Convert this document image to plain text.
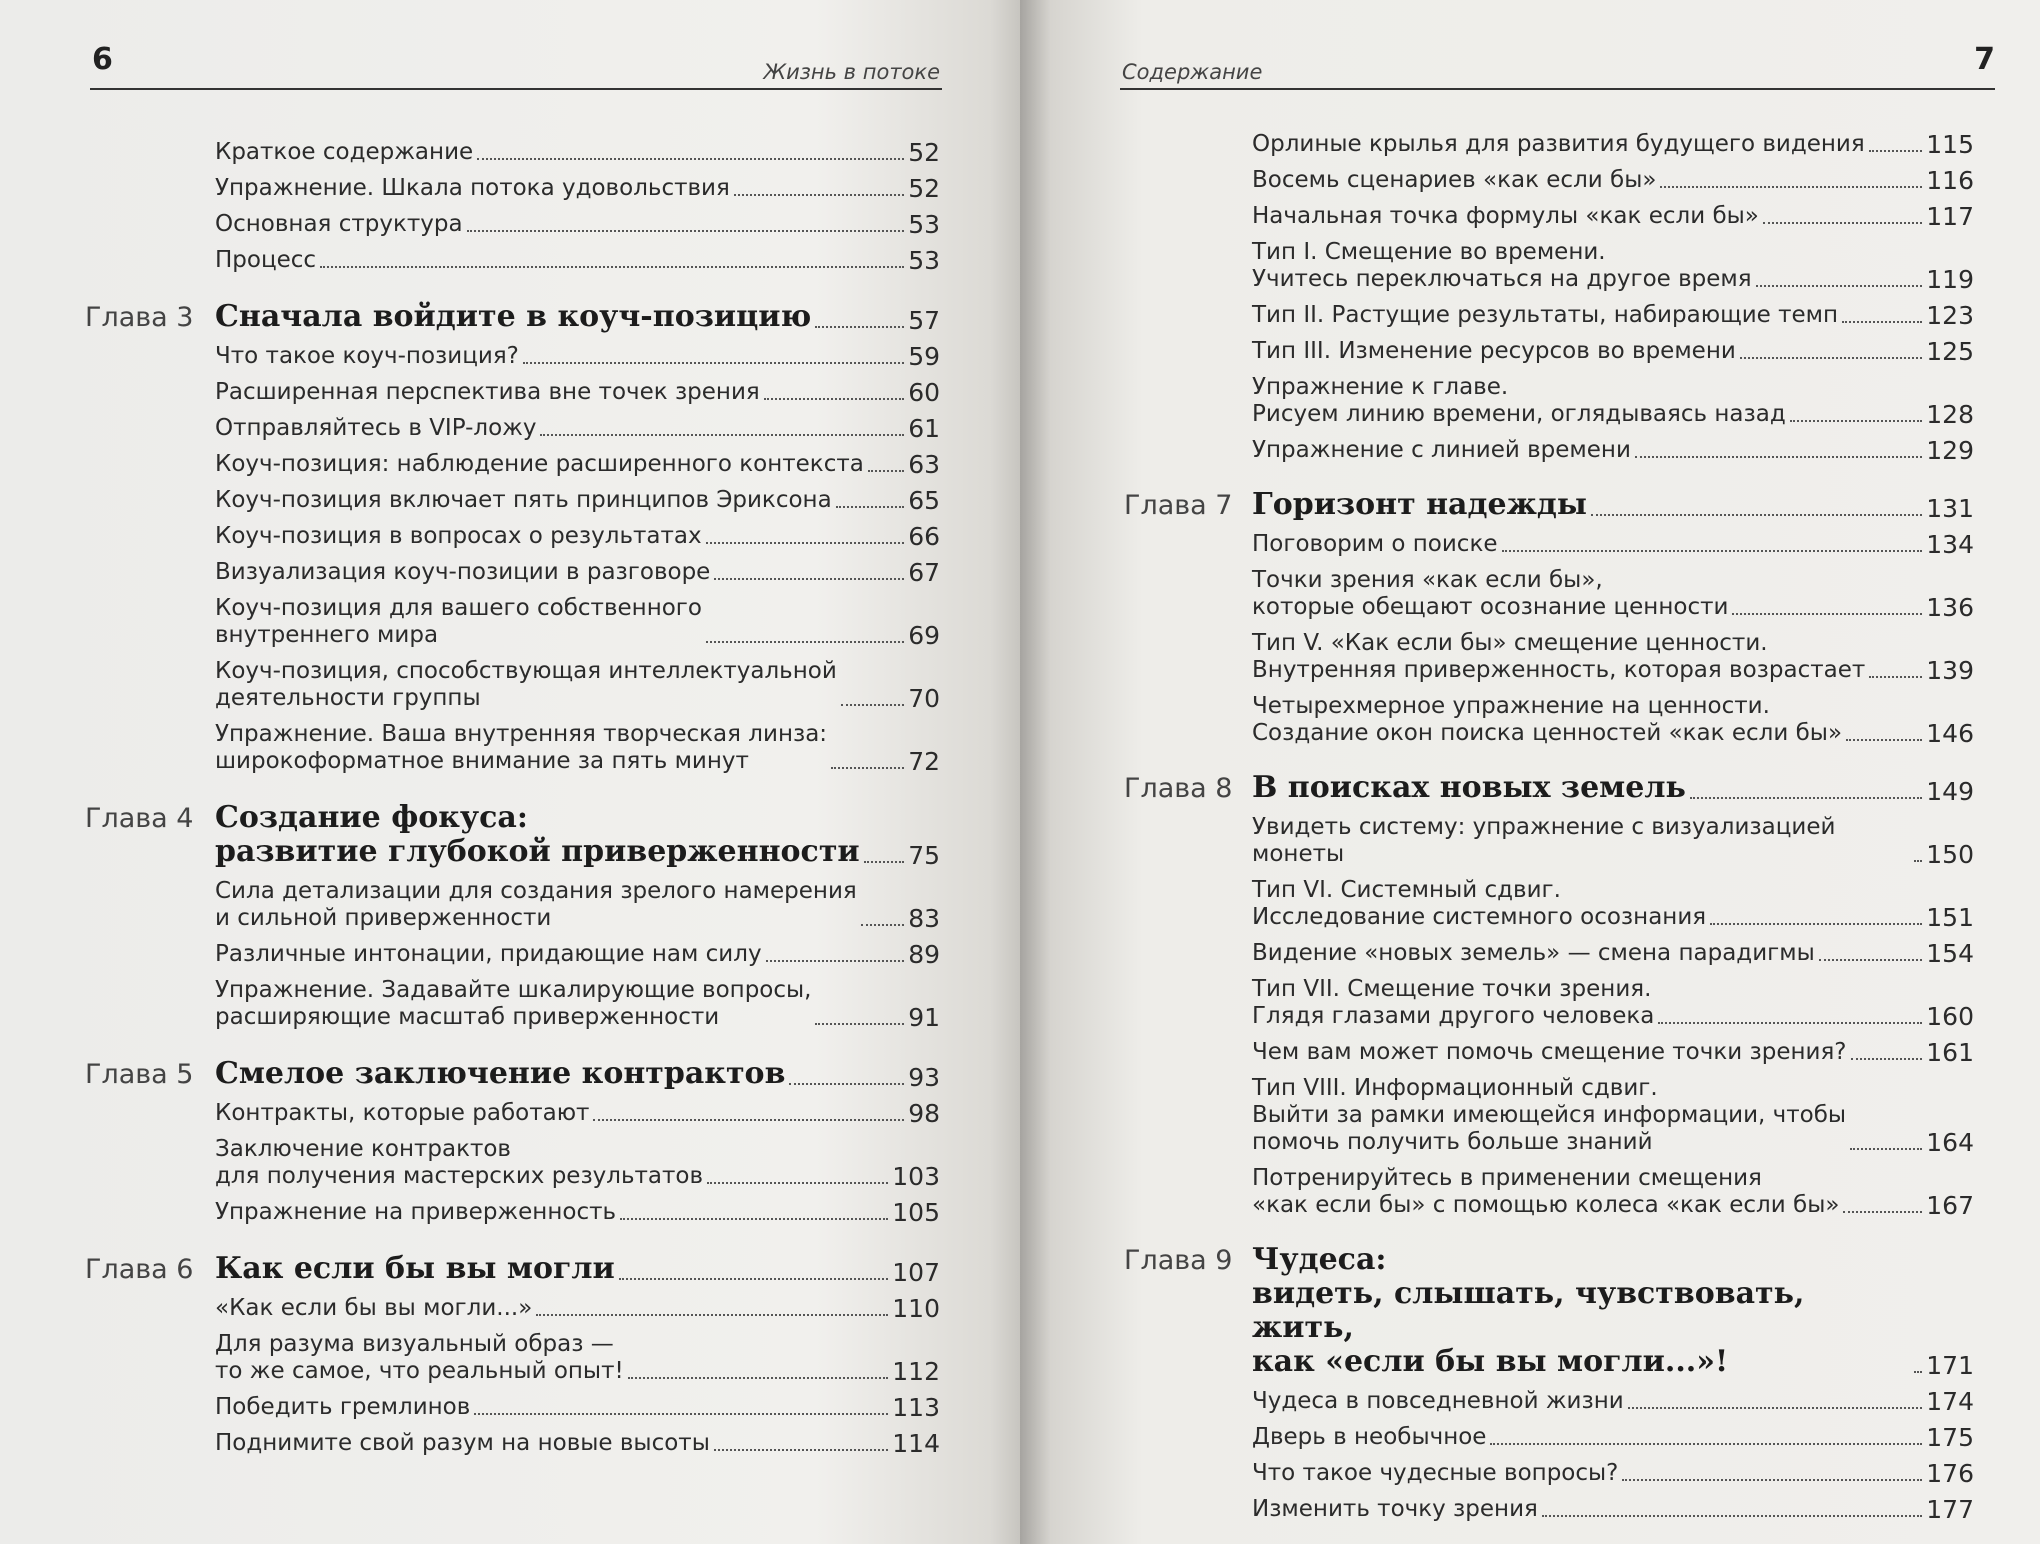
6	Жизнь в потоке
Краткое содержание	52
Упражнение. Шкала потока удовольствия	52
Основная структура	53
Процесс	53
Глава 3 Сначала войдите в коуч-позицию	57
Что такое коуч-позиция?	59
Расширенная перспектива вне точек зрения	60
Отправляйтесь в VIP-ложу	61
Коуч-позиция: наблюдение расширенного контекста 63
Коуч-позиция включает пять принципов Эриксона	65
Коуч-позиция в вопросах о результатах	66
Визуализация коуч-позиции в разговоре	67
Коуч-позиция для вашего собственного
внутреннего мира	69
Коуч-позиция, способствующая интеллектуальной
деятельности группы	70
Упражнение. Ваша внутренняя творческая линза:
широкоформатное внимание за пять минут	72
Глава 4 Создание фокуса:
развитие глубокой приверженности 75
Сила детализации для создания зрелого намерения
и сильной приверженности	83
Различные интонации, придающие нам силу	89
Упражнение. Задавайте шкалирующие вопросы,
расширяющие масштаб приверженности	91
Глава 5 Смелое заключение контрактов	93
Контракты, которые работают	98
Заключение контрактов
для получения мастерских результатов	103
Упражнение на приверженность	105
Глава 6 Как если бы вы могли	107
«Как если бы вы могли...»	110
Для разума визуальный образ —
то же самое, что реальный опыт!	112
Победить гремлинов	113
Поднимите свой разум на новые высоты	114
Содержание	7
Орлиные крылья для развития будущего видения 115
Восемь сценариев «как если бы»	116
Начальная точка формулы «как если бы»	117
Тип I. Смещение во времени.
Учитесь переключаться на другое время	119
Тип II. Растущие результаты, набирающие темп	123
Тип III. Изменение ресурсов во времени	125
Упражнение к главе.
Рисуем линию времени, оглядываясь назад	128
Упражнение с линией времени	129
Глава 7 Горизонт надежды	131
Поговорим о поиске	134
Точки зрения «как если бы»,
которые обещают осознание ценности	136
Тип V. «Как если бы» смещение ценности.
Внутренняя приверженность, которая возрастает 139
Четырехмерное упражнение на ценности.
Создание окон поиска ценностей «как если бы»	146
Глава 8 В поисках новых земель	149
Увидеть систему: упражнение с визуализацией монеты	150
Тип VI. Системный сдвиг.
Исследование системного осознания	151
Видение «новых земель» — смена парадигмы	154
Тип VII. Смещение точки зрения.
Глядя глазами другого человека	160
Чем вам может помочь смещение точки зрения?	161
Тип VIII. Информационный сдвиг.
Выйти за рамки имеющейся информации, чтобы
помочь получить больше знаний	164
Потренируйтесь в применении смещения
«как если бы» с помощью колеса «как если бы»	167
Глава 9 Чудеса:
видеть, слышать, чувствовать, жить,
как «если бы вы могли...»!	171
Чудеса в повседневной жизни	174
Дверь в необычное	175
Что такое чудесные вопросы?	176
Изменить точку зрения	177
